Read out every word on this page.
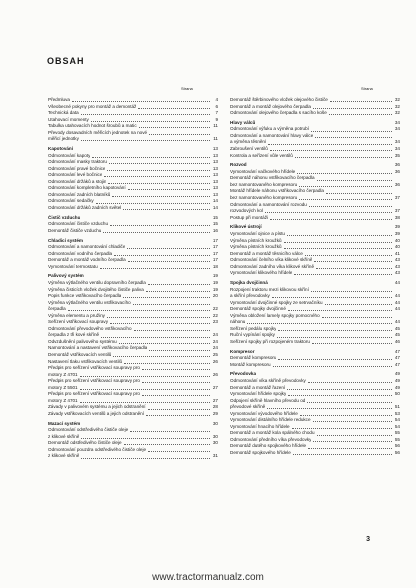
OBSAH
Strana	Strana
Předmluva	4
Všeobecné pokyny pro montáž a demontáž	6
Technická data	7
Utahovací momenty	9
Tabulka utahovacích hodnot šroubů a matic	11
Převody dosavadních měřicích jednotek na nové
měřicí jednotky	11
Kapotování	13
Odmontování kapoty	13
Odmontování masky traktoru	13
Odmontování pravé bočnice	13
Odmontování levé bočnice	13
Odmontování držáků a stojin	13
Odmontování kompletního kapotování	13
Odmontování zadních blatníků	13
Odmontování sedačky	14
Odmontování držáků zadních světel	14
Čistič vzduchu	15
Odmontování čističe vzduchu	15
Demontáž čističe vzduchu	16
Chladicí systém	17
Odmontování a namontování chladiče	17
Odmontování vodního čerpadla	17
Demontáž a montáž vodního čerpadla	17
Vymontování termostatu	18
Palivový systém	19
Výměna výtlačného ventilu dopravního čerpadla	19
Výměna čisticích vložek dvojitého čističe paliva	19
Popis funkce vstřikovacího čerpadla	20
Výměna výtlačného ventilu vstřikovacího
čerpadla	22
Výměna elementu a pružiny	22
Seřízení vstřikovací soupravy	23
Odmontování převodového vstřikovacího
čerpadla z tři kové skříně	24
Odvzdušnění palivového systému	24
Namontování a nastavení vstřikovacího čerpadla	24
Demontáž vstřikovacích ventilů	25
Nastavení tlaku vstřikovacích ventilů	26
Předpis pro seřízení vstřikovací soupravy pro
motory Z 4701	26
Předpis pro seřízení vstřikovací soupravy pro
motory Z 5501	27
Předpis pro seřízení vstřikovací soupravy pro
motory Z 4701	27
Závady v palivovém systému a jejich odstranění	28
Závady vstřikovacích ventilů a jejich odstranění	29
Mazací systém	30
Odmontování odstředivého čističe oleje
z klikové skříně	30
Demontáž odstředivého čističe oleje	30
Odmontování pouzdra odstředivého čističe oleje
z klikové skříně	31
Demontáž štěrbinového vložek olejového čističe	32
Demontáž a montáž olejového čerpadla	32
Odmontování olejového čerpadla s sacího koše	32
Hlavy válců	34
Odmontování výfuku a výměna potrubí	34
Odmontování a namontování hlavy válce
a výměna těsnění	34
Zabroušení ventilů	34
Kontrola a seřízení vůle ventilů	35
Rozvod	36
Vymontování vačkového hřídele	36
Demontáž náhonu vstřikovacího čerpadla
bez namontovaného kompresoru	36
Montáž hřídele náhonu vstřikovacího čerpadla
bez namontovaného kompresoru	37
Odmontování a namontování rozvodu
rozvodových kol	37
Postup při montáži	38
Klikové ústrojí	39
Vymontování ojnice a pístu	39
Výměna pístních kroužků	40
Výměna pístních kroužků	40
Demontáž a montáž těsnicího válce	41
Odmontování čelního víka klikové skříně	43
Odmontování zadního víka klikové skříně	43
Vymontování klikového hřídele	43
Spojka dvojčinná	44
Rozpojení traktoru mezi klikovou skříní
a skříní převodovky	44
Vymontování dvojčinné spojky ze setrvačníku	44
Demontáž spojky dvojčinné	44
Výměna obložení lamely spojky pomocného
náhonu	44
Seřízení pedálu spojky	45
Ruční vypínání spojky	45
Seřízení spojky při rozpojeném traktoru	46
Kompresor	47
Demontáž kompresoru	47
Montáž kompresoru	47
Převodovka	49
Odmontování víka skříně převodovky	49
Demontáž a montáž řazení	49
Vymontování hřídele spojky	50
Odpojení skříně hlavního převodu od
převodové skříně	51
Vymontování vývodového hřídele	53
Vymontování distálního hřídele redukce	54
Vymontování hnacího hřídele	54
Demontáž a montáž kola spálného chodu	55
Odmontování předního víka převodovky	55
Demontáž dutého spojkového hřídele	56
Demontáž spojkového hřídele	56
3
www.tractormanualz.com
